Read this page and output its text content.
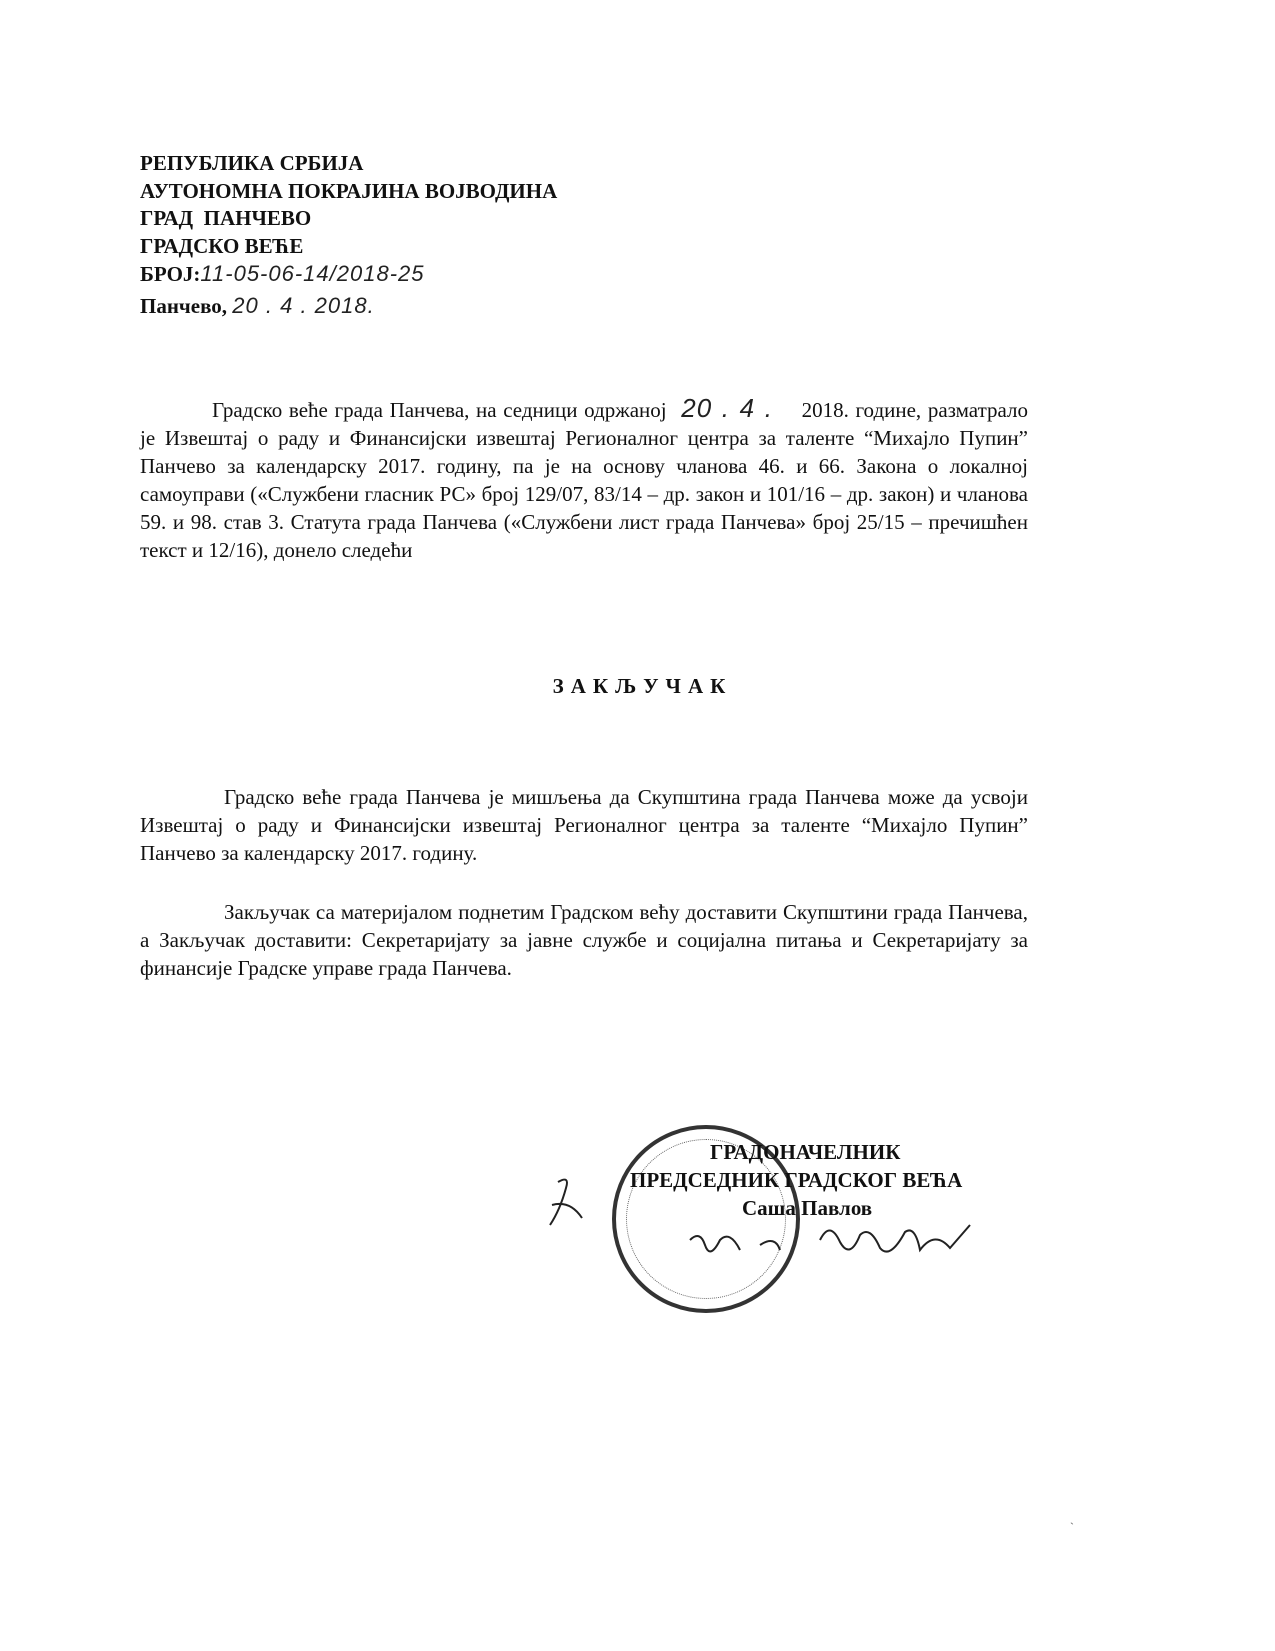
РЕПУБЛИКА СРБИЈА
АУТОНОМНА ПОКРАЈИНА ВОЈВОДИНА
ГРАД  ПАНЧЕВО
ГРАДСКО ВЕЋЕ
БРОЈ:11-05-06-14/2018-25
Панчево, 20 . 4 . 2018.
Градско веће града Панчева, на седници одржаној 20 . 4 . 2018. године, разматрало је Извештај о раду и Финансијски извештај Регионалног центра за таленте “Михајло Пупин” Панчево за календарску 2017. годину, па је на основу чланова 46. и 66. Закона о локалној самоуправи («Службени гласник РС» број 129/07, 83/14 – др. закон и 101/16 – др. закон) и чланова 59. и 98. став 3. Статута града Панчева («Службени лист града Панчева» број 25/15 – пречишћен текст и 12/16), донело следећи
ЗАКЉУЧАК
Градско веће града Панчева је мишљења да Скупштина града Панчева може да усвоји Извештај о раду и Финансијски извештај Регионалног центра за таленте “Михајло Пупин” Панчево за календарску 2017. годину.
Закључак са материјалом поднетим Градском већу доставити Скупштини града Панчева, а Закључак доставити: Секретаријату за јавне службе и социјална питања и Секретаријату за финансије Градске управе града Панчева.
ГРАДОНАЧЕЛНИК
ПРЕДСЕДНИК ГРАДСКОГ ВЕЋА
Саша Павлов
`
